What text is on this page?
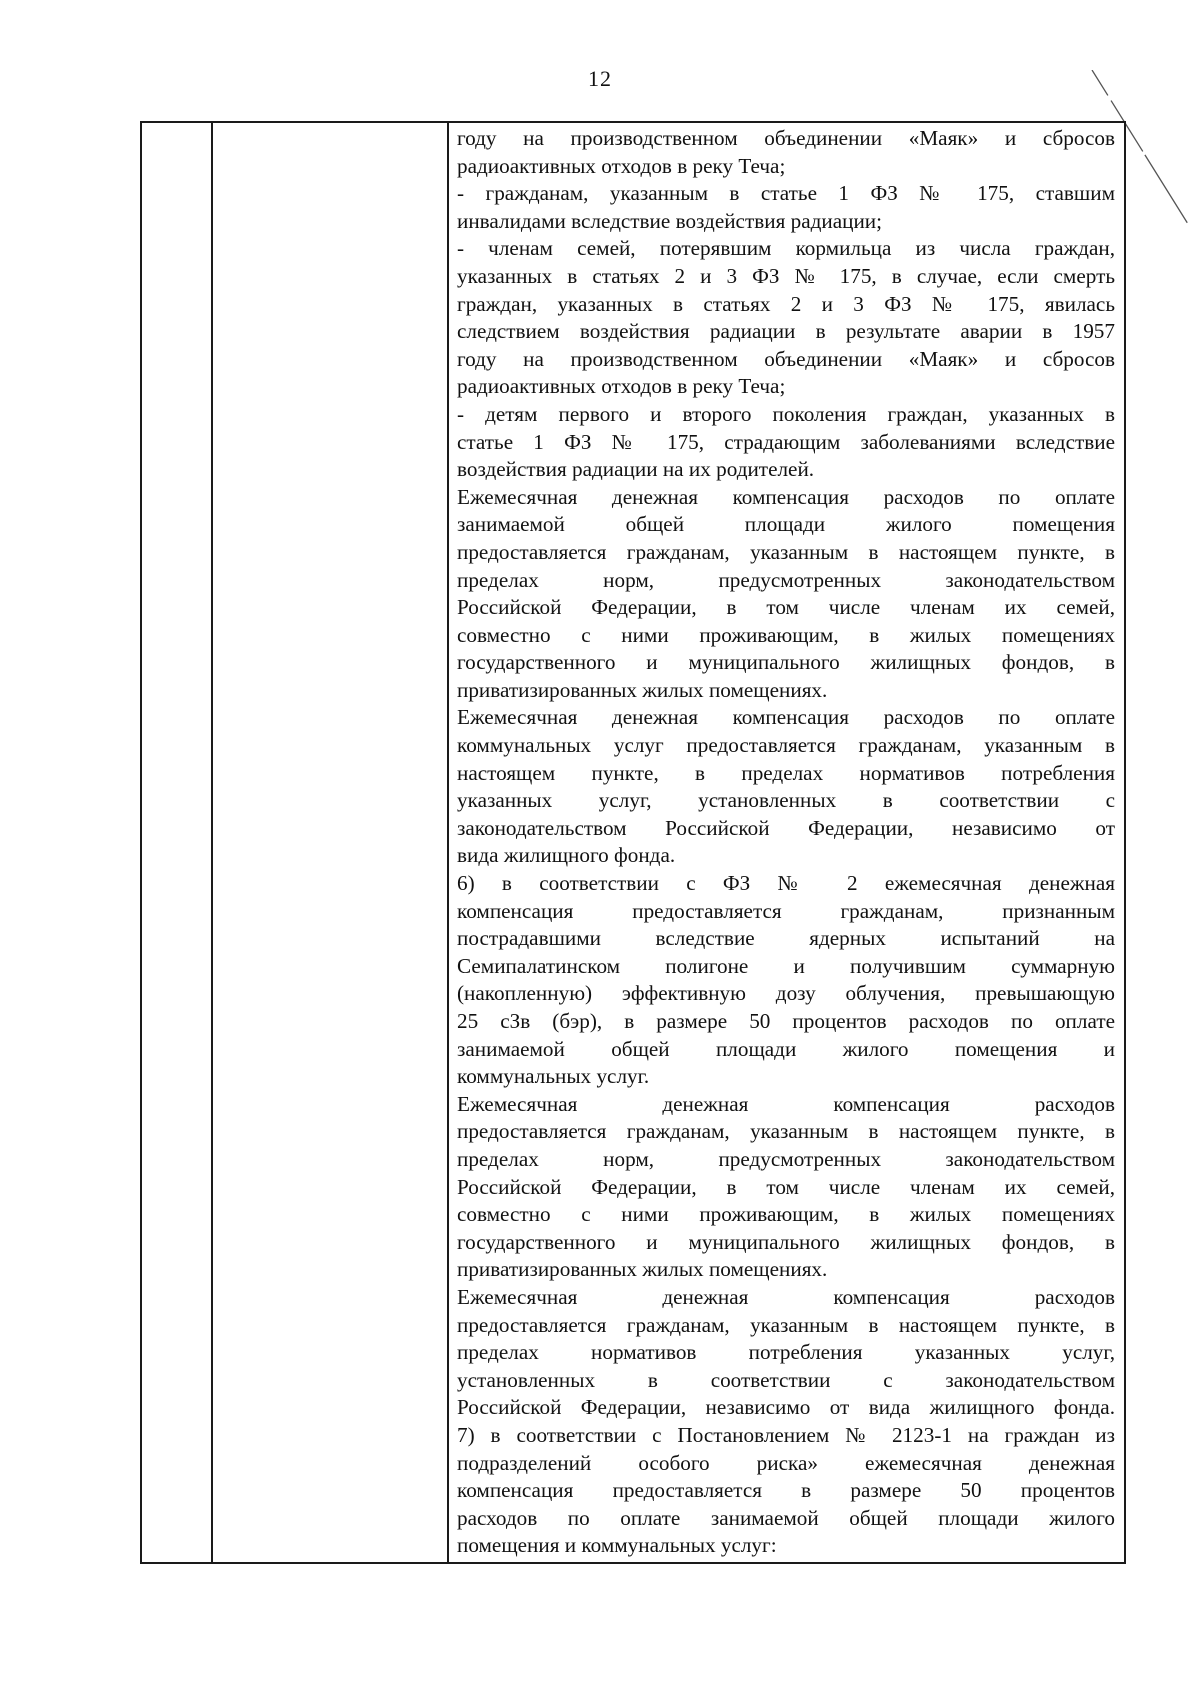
12
году на производственном объединении «Маяк» и сбросов
радиоактивных отходов в реку Теча;
- гражданам, указанным в статье 1 ФЗ № 175, ставшим
инвалидами вследствие воздействия радиации;
- членам семей, потерявшим кормильца из числа граждан,
указанных в статьях 2 и 3 ФЗ № 175, в случае, если смерть
граждан, указанных в статьях 2 и 3 ФЗ № 175, явилась
следствием воздействия радиации в результате аварии в 1957
году на производственном объединении «Маяк» и сбросов
радиоактивных отходов в реку Теча;
- детям первого и второго поколения граждан, указанных в
статье 1 ФЗ № 175, страдающим заболеваниями вследствие
воздействия радиации на их родителей.
Ежемесячная денежная компенсация расходов по оплате
занимаемой общей площади жилого помещения
предоставляется гражданам, указанным в настоящем пункте, в
пределах норм, предусмотренных законодательством
Российской Федерации, в том числе членам их семей,
совместно с ними проживающим, в жилых помещениях
государственного и муниципального жилищных фондов, в
приватизированных жилых помещениях.
Ежемесячная денежная компенсация расходов по оплате
коммунальных услуг предоставляется гражданам, указанным в
настоящем пункте, в пределах нормативов потребления
указанных услуг, установленных в соответствии с
законодательством Российской Федерации, независимо от
вида жилищного фонда.
6) в соответствии с ФЗ № 2 ежемесячная денежная
компенсация предоставляется гражданам, признанным
пострадавшими вследствие ядерных испытаний на
Семипалатинском полигоне и получившим суммарную
(накопленную) эффективную дозу облучения, превышающую
25 сЗв (бэр), в размере 50 процентов расходов по оплате
занимаемой общей площади жилого помещения и
коммунальных услуг.
Ежемесячная денежная компенсация расходов
предоставляется гражданам, указанным в настоящем пункте, в
пределах норм, предусмотренных законодательством
Российской Федерации, в том числе членам их семей,
совместно с ними проживающим, в жилых помещениях
государственного и муниципального жилищных фондов, в
приватизированных жилых помещениях.
Ежемесячная денежная компенсация расходов
предоставляется гражданам, указанным в настоящем пункте, в
пределах нормативов потребления указанных услуг,
установленных в соответствии с законодательством
Российской Федерации, независимо от вида жилищного фонда.
7) в соответствии с Постановлением № 2123-1 на граждан из
подразделений особого риска» ежемесячная денежная
компенсация предоставляется в размере 50 процентов
расходов по оплате занимаемой общей площади жилого
помещения и коммунальных услуг:
